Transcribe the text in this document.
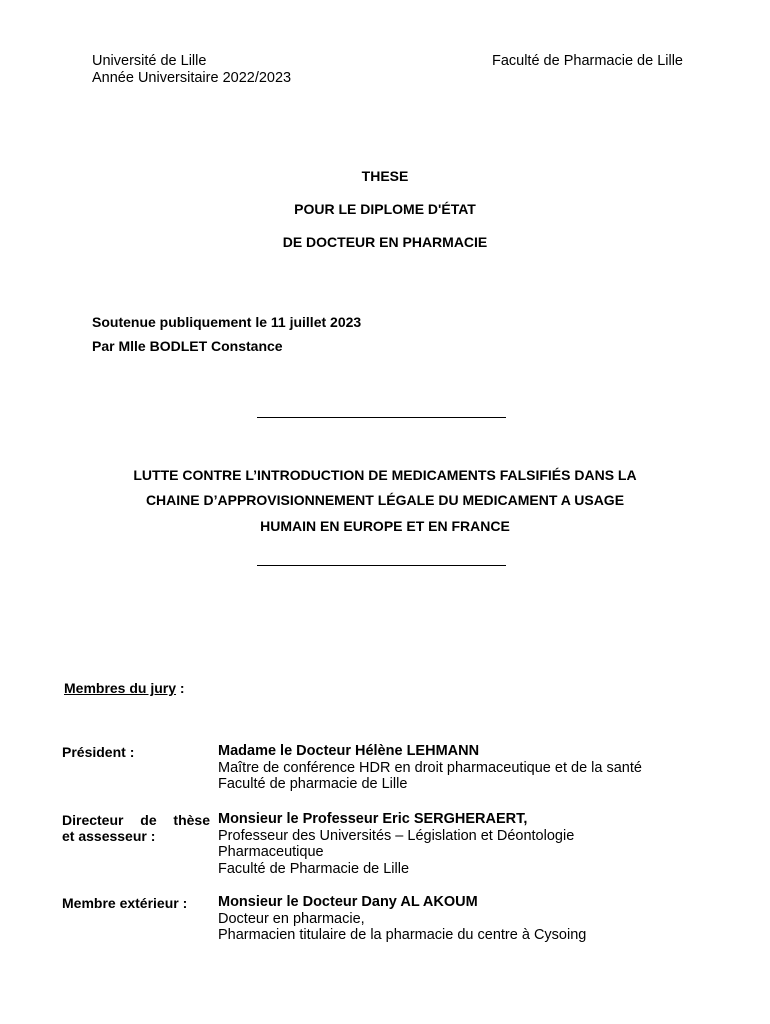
Université de Lille
Année Universitaire 2022/2023
Faculté de Pharmacie de Lille
THESE
POUR LE DIPLOME D'ÉTAT
DE DOCTEUR EN PHARMACIE
Soutenue publiquement le 11 juillet 2023
Par Mlle BODLET Constance
LUTTE CONTRE L’INTRODUCTION DE MEDICAMENTS FALSIFIÉS DANS LA
CHAINE D’APPROVISIONNEMENT LÉGALE DU MEDICAMENT A USAGE
HUMAIN EN EUROPE ET EN FRANCE
Membres du jury :
Président :	Madame le Docteur Hélène LEHMANN
Maître de conférence HDR en droit pharmaceutique et de la santé
Faculté de pharmacie de Lille
Directeur de thèse
et assesseur :
Monsieur le Professeur Eric SERGHERAERT,
Professeur des Universités – Législation et Déontologie
Pharmaceutique
Faculté de Pharmacie de Lille
Membre extérieur : Monsieur le Docteur Dany AL AKOUM
Docteur en pharmacie,
Pharmacien titulaire de la pharmacie du centre à Cysoing
